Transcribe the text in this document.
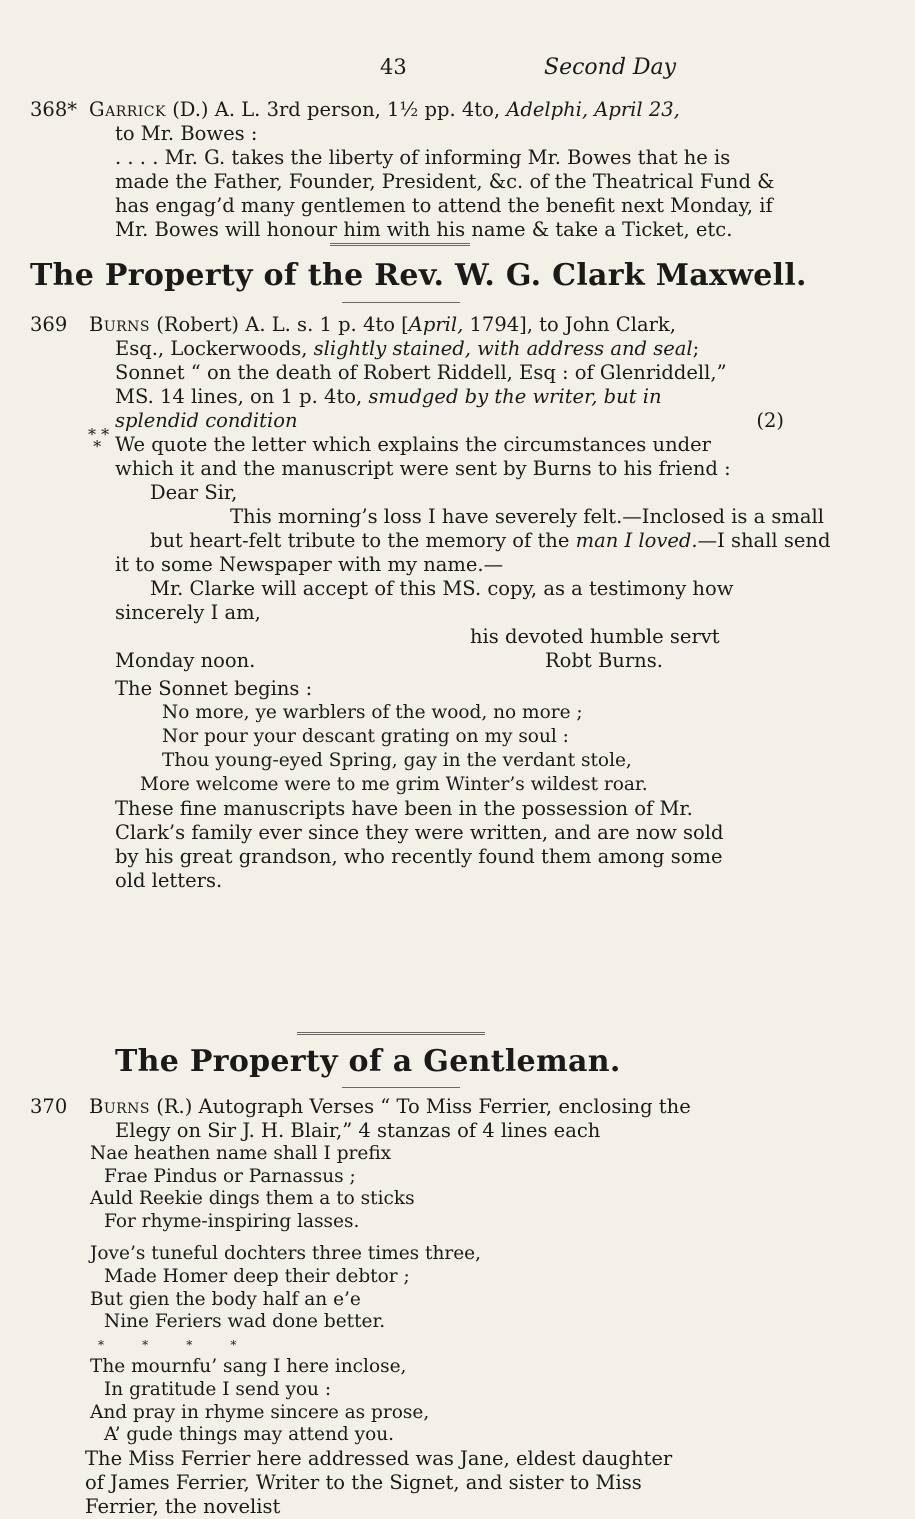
43	Second Day
368* Garrick (D.) A. L. 3rd person, 1½ pp. 4to, Adelphi, April 23,
to Mr. Bowes :
. . . . Mr. G. takes the liberty of informing Mr. Bowes that he is
made the Father, Founder, President, &c. of the Theatrical Fund &
has engag’d many gentlemen to attend the benefit next Monday, if
Mr. Bowes will honour him with his name & take a Ticket, etc.
The Property of the Rev. W. G. Clark Maxwell.
369	Burns (Robert) A. L. s. 1 p. 4to [April, 1794], to John Clark,
Esq., Lockerwoods, slightly stained, with address and seal;
Sonnet “ on the death of Robert Riddell, Esq : of Glenriddell,”
MS. 14 lines, on 1 p. 4to, smudged by the writer, but in
splendid condition	(2)
* *
* We quote the letter which explains the circumstances under
which it and the manuscript were sent by Burns to his friend :
Dear Sir,
This morning’s loss I have severely felt.—Inclosed is a small
but heart-felt tribute to the memory of the man I loved.—I shall send
it to some Newspaper with my name.—
Mr. Clarke will accept of this MS. copy, as a testimony how
sincerely I am,
his devoted humble servt
Monday noon.	Robt Burns.
The Sonnet begins :
No more, ye warblers of the wood, no more ;
Nor pour your descant grating on my soul :
Thou young-eyed Spring, gay in the verdant stole,
More welcome were to me grim Winter’s wildest roar.
These fine manuscripts have been in the possession of Mr.
Clark’s family ever since they were written, and are now sold
by his great grandson, who recently found them among some
old letters.
The Property of a Gentleman.
370	Burns (R.) Autograph Verses “ To Miss Ferrier, enclosing the
Elegy on Sir J. H. Blair,” 4 stanzas of 4 lines each
Nae heathen name shall I prefix
Frae Pindus or Parnassus ;
Auld Reekie dings them a to sticks
For rhyme-inspiring lasses.
Jove’s tuneful dochters three times three,
Made Homer deep their debtor ;
But gien the body half an e’e
Nine Feriers wad done better.
*          *          *          *
The mournfu’ sang I here inclose,
In gratitude I send you :
And pray in rhyme sincere as prose,
A’ gude things may attend you.
The Miss Ferrier here addressed was Jane, eldest daughter
of James Ferrier, Writer to the Signet, and sister to Miss
Ferrier, the novelist
